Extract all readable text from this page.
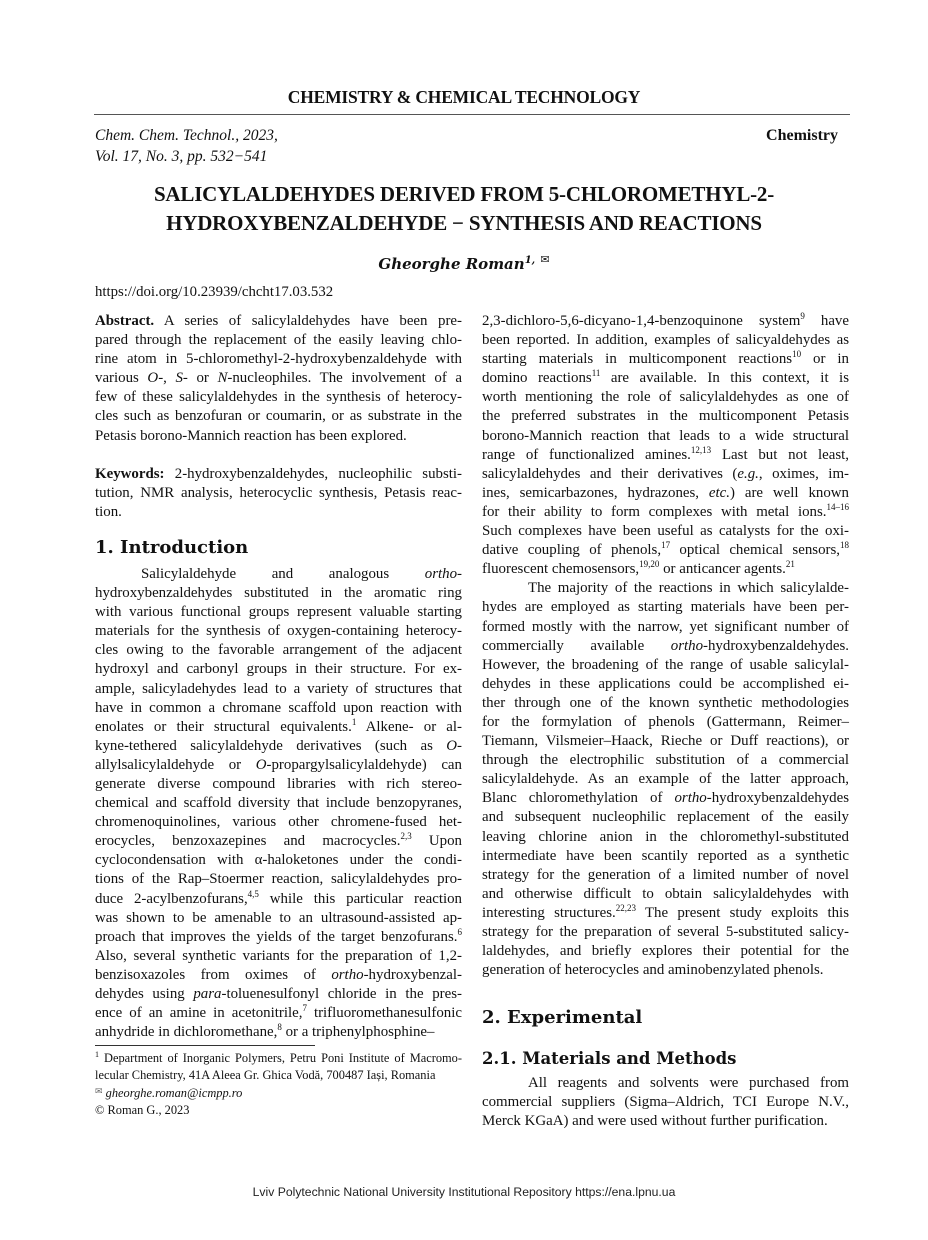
CHEMISTRY & CHEMICAL TECHNOLOGY
Chem. Chem. Technol., 2023,
Vol. 17, No. 3, pp. 532−541
Chemistry
SALICYLALDEHYDES DERIVED FROM 5-CHLOROMETHYL-2-
HYDROXYBENZALDEHYDE − SYNTHESIS AND REACTIONS
Gheorghe Roman$^{1,}$ ✉
https://doi.org/10.23939/chcht17.03.532
Abstract. A series of salicylaldehydes have been pre-
pared through the replacement of the easily leaving chlo-
rine atom in 5-chloromethyl-2-hydroxybenzaldehyde with
various O-, S- or N-nucleophiles. The involvement of a
few of these salicylaldehydes in the synthesis of heterocy-
cles such as benzofuran or coumarin, or as substrate in the
Petasis borono-Mannich reaction has been explored.
Keywords: 2-hydroxybenzaldehydes, nucleophilic substi-
tution, NMR analysis, heterocyclic synthesis, Petasis reac-
tion.
1. Introduction
Salicylaldehyde and analogous ortho-
hydroxybenzaldehydes substituted in the aromatic ring
with various functional groups represent valuable starting
materials for the synthesis of oxygen-containing heterocy-
cles owing to the favorable arrangement of the adjacent
hydroxyl and carbonyl groups in their structure. For ex-
ample, salicyladehydes lead to a variety of structures that
have in common a chromane scaffold upon reaction with
enolates or their structural equivalents.$^1$ Alkene- or al-
kyne-tethered salicylaldehyde derivatives (such as O-
allylsalicylaldehyde or O-propargylsalicylaldehyde) can
generate diverse compound libraries with rich stereo-
chemical and scaffold diversity that include benzopyranes,
chromenoquinolines, various other chromene-fused het-
erocycles, benzoxazepines and macrocycles.$^{2,3}$ Upon
cyclocondensation with α-haloketones under the condi-
tions of the Rap–Stoermer reaction, salicylaldehydes pro-
duce 2-acylbenzofurans,$^{4,5}$ while this particular reaction
was shown to be amenable to an ultrasound-assisted ap-
proach that improves the yields of the target benzofurans.$^6$
Also, several synthetic variants for the preparation of 1,2-
benzisoxazoles from oximes of ortho-hydroxybenzal-
dehydes using para-toluenesulfonyl chloride in the pres-
ence of an amine in acetonitrile,$^7$ trifluoromethanesulfonic
anhydride in dichloromethane,$^8$ or a triphenylphosphine–
2,3-dichloro-5,6-dicyano-1,4-benzoquinone system$^9$ have
been reported. In addition, examples of salicyaldehydes as
starting materials in multicomponent reactions$^{10}$ or in
domino reactions$^{11}$ are available. In this context, it is
worth mentioning the role of salicylaldehydes as one of
the preferred substrates in the multicomponent Petasis
borono-Mannich reaction that leads to a wide structural
range of functionalized amines.$^{12,13}$ Last but not least,
salicylaldehydes and their derivatives (e.g., oximes, im-
ines, semicarbazones, hydrazones, etc.) are well known
for their ability to form complexes with metal ions.$^{14-16}$
Such complexes have been useful as catalysts for the oxi-
dative coupling of phenols,$^{17}$ optical chemical sensors,$^{18}$
fluorescent chemosensors,$^{19,20}$ or anticancer agents.$^{21}$
The majority of the reactions in which salicylalde-
hydes are employed as starting materials have been per-
formed mostly with the narrow, yet significant number of
commercially available ortho-hydroxybenzaldehydes.
However, the broadening of the range of usable salicylal-
dehydes in these applications could be accomplished ei-
ther through one of the known synthetic methodologies
for the formylation of phenols (Gattermann, Reimer–
Tiemann, Vilsmeier–Haack, Rieche or Duff reactions), or
through the electrophilic substitution of a commercial
salicylaldehyde. As an example of the latter approach,
Blanc chloromethylation of ortho-hydroxybenzaldehydes
and subsequent nucleophilic replacement of the easily
leaving chlorine anion in the chloromethyl-substituted
intermediate have been scantily reported as a synthetic
strategy for the generation of a limited number of novel
and otherwise difficult to obtain salicylaldehydes with
interesting structures.$^{22,23}$ The present study exploits this
strategy for the preparation of several 5-substituted salicy-
laldehydes, and briefly explores their potential for the
generation of heterocycles and aminobenzylated phenols.
2. Experimental
2.1. Materials and Methods
All reagents and solvents were purchased from
commercial suppliers (Sigma–Aldrich, TCI Europe N.V.,
Merck KGaA) and were used without further purification.
$^1$ Department of Inorganic Polymers, Petru Poni Institute of Macromo-
lecular Chemistry, 41A Aleea Gr. Ghica Vodă, 700487 Iași, Romania
✉ gheorghe.roman@icmpp.ro
© Roman G., 2023
Lviv Polytechnic National University Institutional Repository https://ena.lpnu.ua
